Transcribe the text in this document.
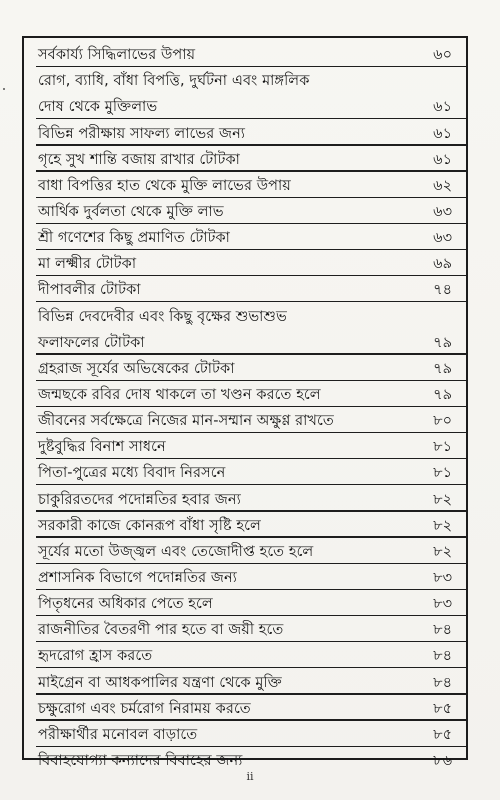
সর্বকার্য্য সিদ্ধিলাভের উপায়	৬০
রোগ, ব্যাধি, বাঁধা বিপত্তি, দুর্ঘটনা এবং মাঙ্গলিক
দোষ থেকে মুক্তিলাভ	৬১
বিভিন্ন পরীক্ষায় সাফল্য লাভের জন্য	৬১
গৃহে সুখ শান্তি বজায় রাখার টোটকা	৬১
বাধা বিপত্তির হাত থেকে মুক্তি লাভের উপায়	৬২
আর্থিক দুর্বলতা থেকে মুক্তি লাভ	৬৩
শ্রী গণেশের কিছু প্রমাণিত টোটকা	৬৩
মা লক্ষ্মীর টোটকা	৬৯
দীপাবলীর টোটকা	৭৪
বিভিন্ন দেবদেবীর এবং কিছু বৃক্ষের শুভাশুভ
ফলাফলের টোটকা	৭৯
গ্রহরাজ সূর্যের অভিষেকের টোটকা	৭৯
জন্মছকে রবির দোষ থাকলে তা খণ্ডন করতে হলে	৭৯
জীবনের সর্বক্ষেত্রে নিজের মান-সম্মান অক্ষুণ্ণ রাখতে	৮০
দুষ্টবুদ্ধির বিনাশ সাধনে	৮১
পিতা-পুত্রের মধ্যে বিবাদ নিরসনে	৮১
চাকুরিরতদের পদোন্নতির হবার জন্য	৮২
সরকারী কাজে কোনরূপ বাঁধা সৃষ্টি হলে	৮২
সূর্যের মতো উজ্জ্বল এবং তেজোদীপ্ত হতে হলে	৮২
প্রশাসনিক বিভাগে পদোন্নতির জন্য	৮৩
পিতৃধনের অধিকার পেতে হলে	৮৩
রাজনীতির বৈতরণী পার হতে বা জয়ী হতে	৮৪
হৃদরোগ হ্রাস করতে	৮৪
মাইগ্রেন বা আধকপালির যন্ত্রণা থেকে মুক্তি	৮৪
চক্ষুরোগ এবং চর্মরোগ নিরাময় করতে	৮৫
পরীক্ষার্থীর মনোবল বাড়াতে	৮৫
বিবাহযোগ্যা কন্যাদের বিবাহের জন্য	৮৬
ii
